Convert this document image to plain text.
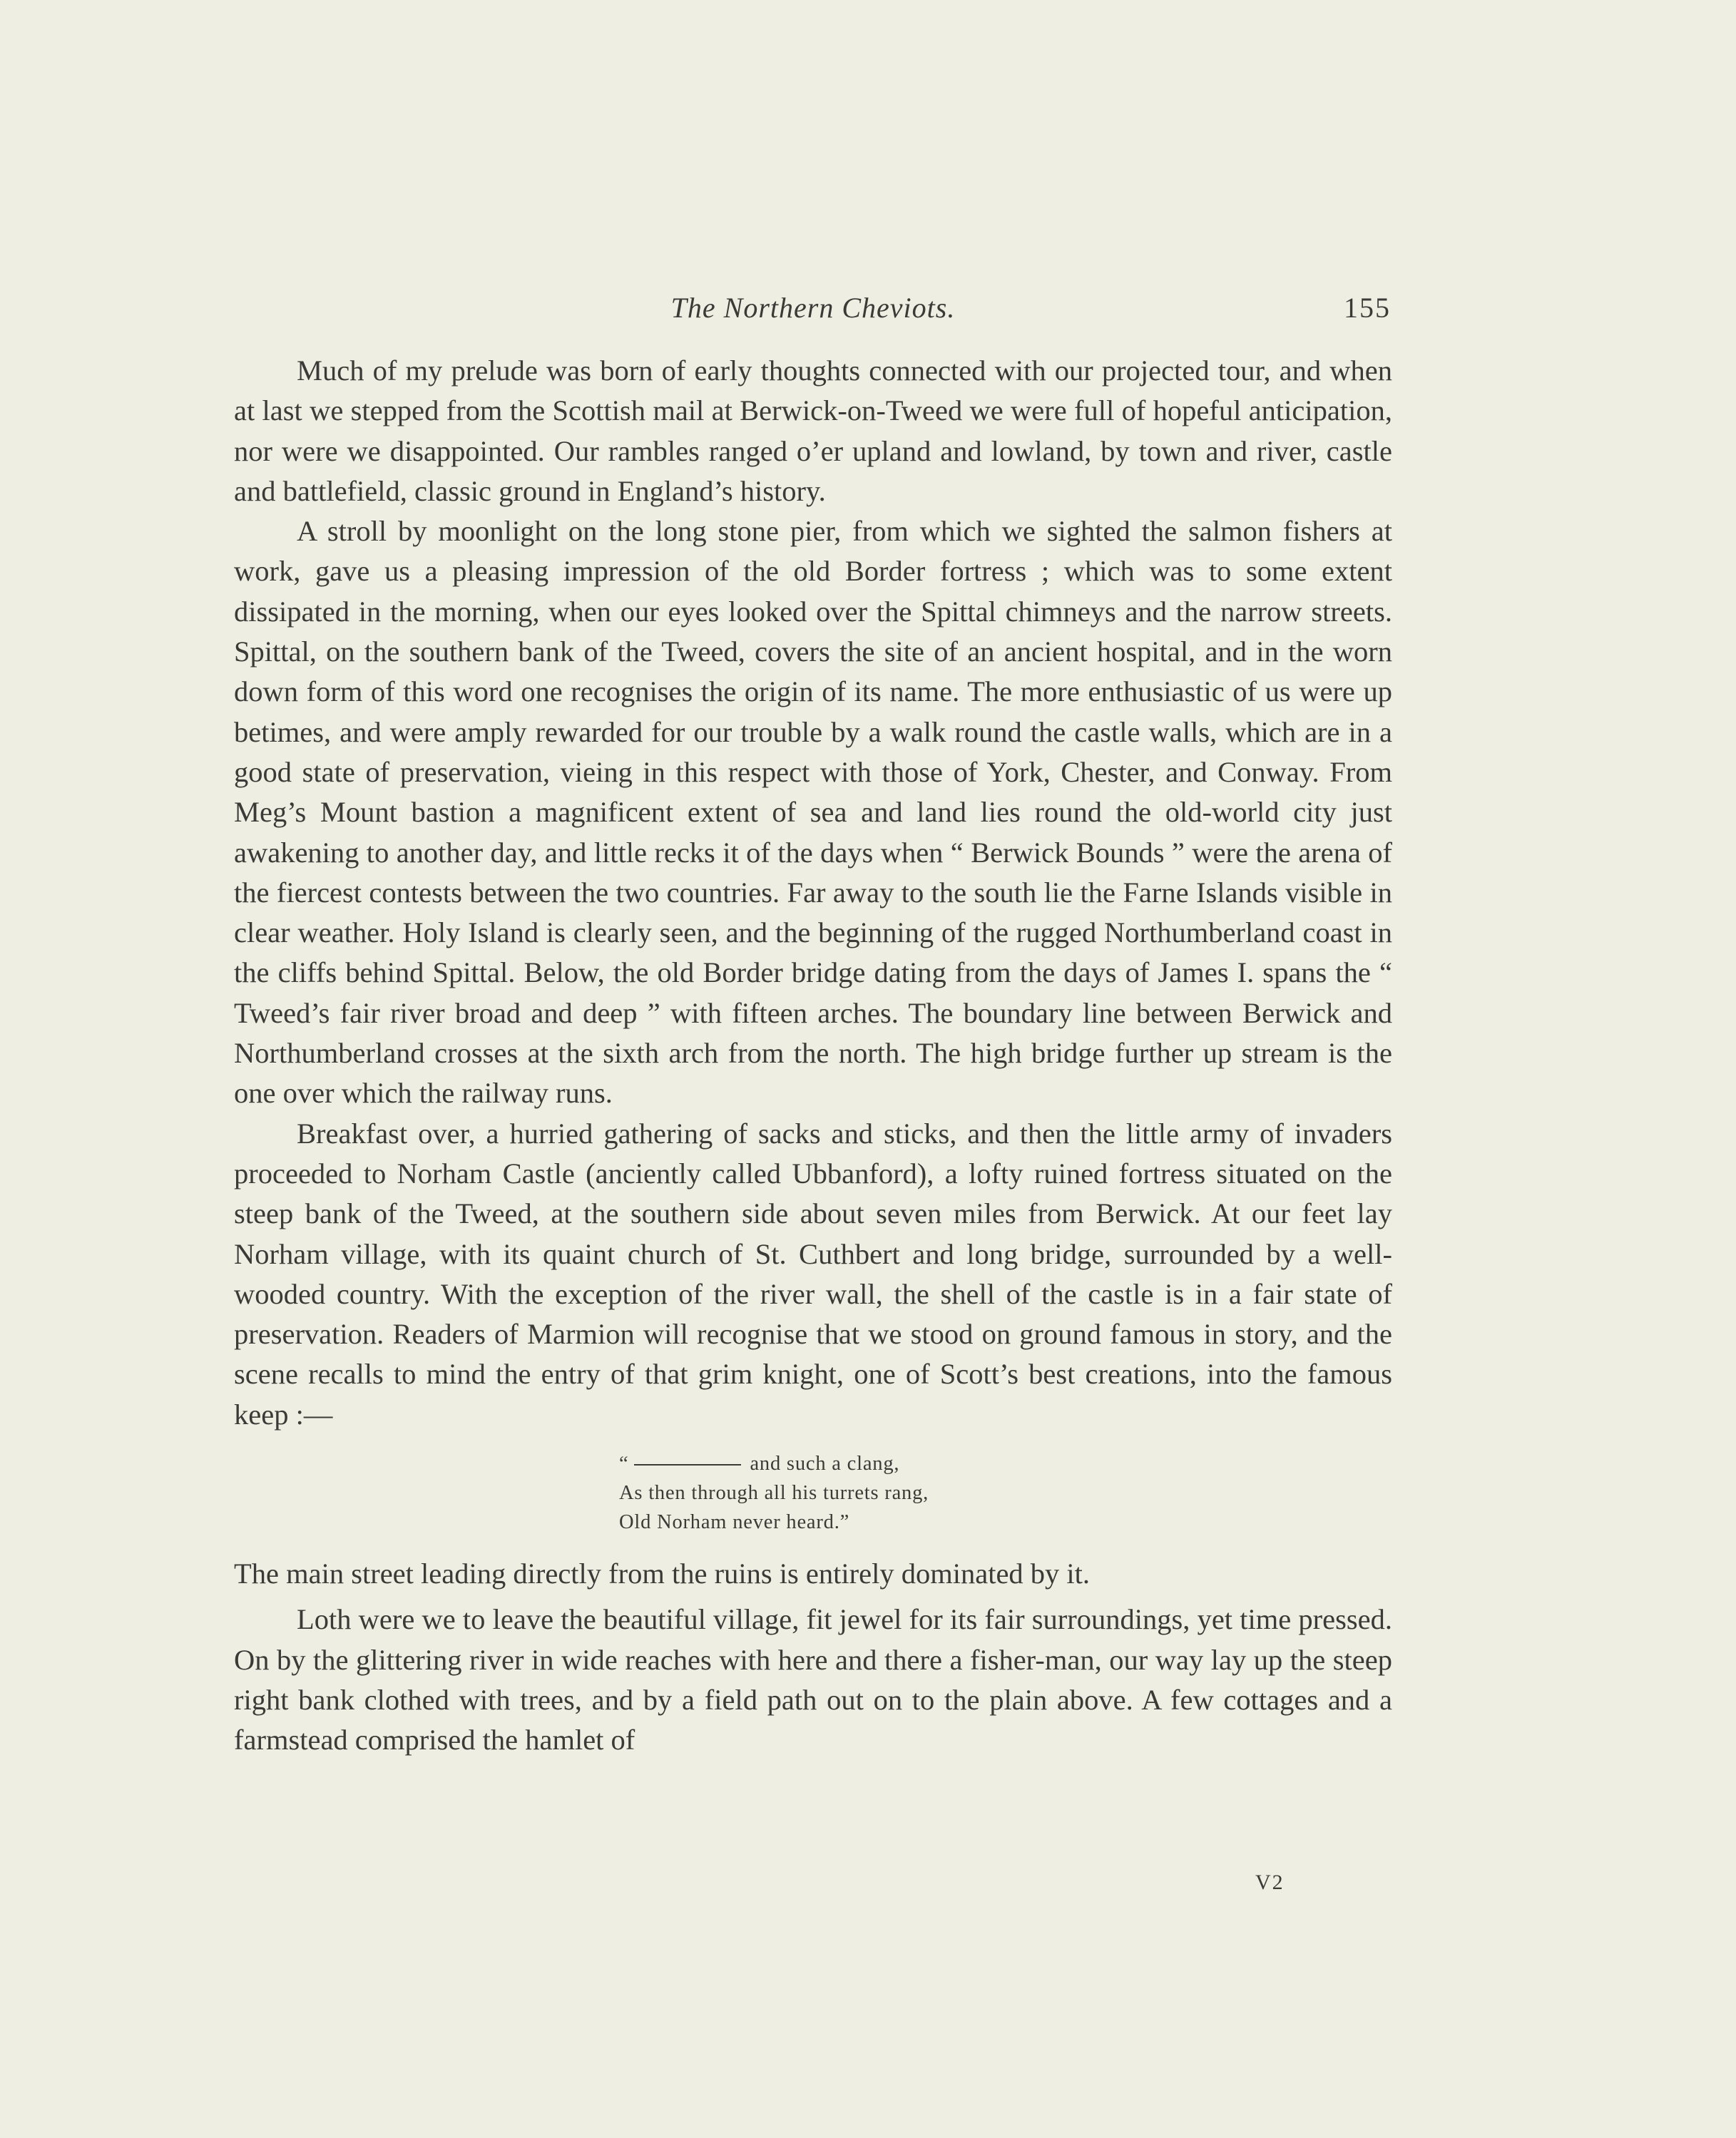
The Northern Cheviots.	155

Much of my prelude was born of early thoughts connected with our projected tour, and when at last we stepped from the Scottish mail at Berwick-on-Tweed we were full of hopeful anticipation, nor were we disappointed. Our rambles ranged o’er upland and lowland, by town and river, castle and battlefield, classic ground in England’s history.

A stroll by moonlight on the long stone pier, from which we sighted the salmon fishers at work, gave us a pleasing impression of the old Border fortress ; which was to some extent dissipated in the morning, when our eyes looked over the Spittal chimneys and the narrow streets. Spittal, on the southern bank of the Tweed, covers the site of an ancient hospital, and in the worn down form of this word one recognises the origin of its name. The more enthusiastic of us were up betimes, and were amply rewarded for our trouble by a walk round the castle walls, which are in a good state of preservation, vieing in this respect with those of York, Chester, and Conway. From Meg’s Mount bastion a magnificent extent of sea and land lies round the old-world city just awakening to another day, and little recks it of the days when “ Berwick Bounds ” were the arena of the fiercest contests between the two countries. Far away to the south lie the Farne Islands visible in clear weather. Holy Island is clearly seen, and the beginning of the rugged Northumberland coast in the cliffs behind Spittal. Below, the old Border bridge dating from the days of James I. spans the “ Tweed’s fair river broad and deep ” with fifteen arches. The boundary line between Berwick and Northumberland crosses at the sixth arch from the north. The high bridge further up stream is the one over which the railway runs.

Breakfast over, a hurried gathering of sacks and sticks, and then the little army of invaders proceeded to Norham Castle (anciently called Ubbanford), a lofty ruined fortress situated on the steep bank of the Tweed, at the southern side about seven miles from Berwick. At our feet lay Norham village, with its quaint church of St. Cuthbert and long bridge, surrounded by a well-wooded country. With the exception of the river wall, the shell of the castle is in a fair state of preservation. Readers of Marmion will recognise that we stood on ground famous in story, and the scene recalls to mind the entry of that grim knight, one of Scott’s best creations, into the famous keep :—

“	and such a clang,
As then through all his turrets rang,
Old Norham never heard.”

The main street leading directly from the ruins is entirely dominated by it.

Loth were we to leave the beautiful village, fit jewel for its fair surroundings, yet time pressed. On by the glittering river in wide reaches with here and there a fisher-man, our way lay up the steep right bank clothed with trees, and by a field path out on to the plain above. A few cottages and a farmstead comprised the hamlet of

V2
